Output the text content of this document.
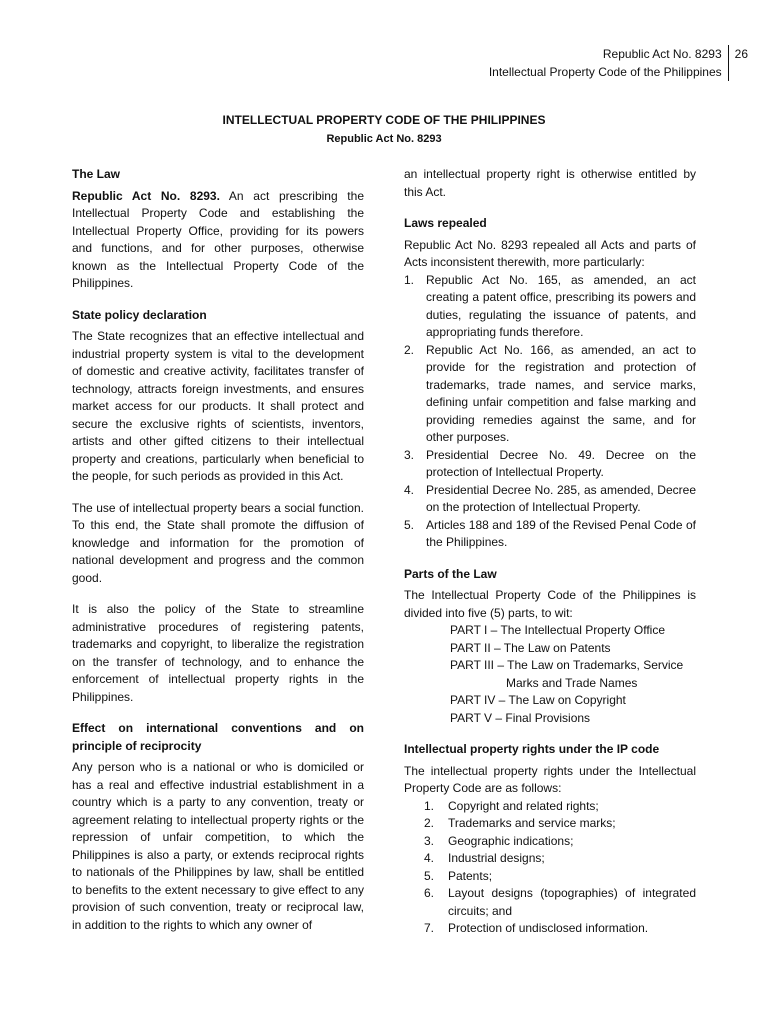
Republic Act No. 8293
Intellectual Property Code of the Philippines
26
INTELLECTUAL PROPERTY CODE OF THE PHILIPPINES
Republic Act No. 8293
The Law

Republic Act No. 8293. An act prescribing the Intellectual Property Code and establishing the Intellectual Property Office, providing for its powers and functions, and for other purposes, otherwise known as the Intellectual Property Code of the Philippines.

State policy declaration

The State recognizes that an effective intellectual and industrial property system is vital to the development of domestic and creative activity, facilitates transfer of technology, attracts foreign investments, and ensures market access for our products. It shall protect and secure the exclusive rights of scientists, inventors, artists and other gifted citizens to their intellectual property and creations, particularly when beneficial to the people, for such periods as provided in this Act.

The use of intellectual property bears a social function. To this end, the State shall promote the diffusion of knowledge and information for the promotion of national development and progress and the common good.

It is also the policy of the State to streamline administrative procedures of registering patents, trademarks and copyright, to liberalize the registration on the transfer of technology, and to enhance the enforcement of intellectual property rights in the Philippines.

Effect on international conventions and on principle of reciprocity

Any person who is a national or who is domiciled or has a real and effective industrial establishment in a country which is a party to any convention, treaty or agreement relating to intellectual property rights or the repression of unfair competition, to which the Philippines is also a party, or extends reciprocal rights to nationals of the Philippines by law, shall be entitled to benefits to the extent necessary to give effect to any provision of such convention, treaty or reciprocal law, in addition to the rights to which any owner of

an intellectual property right is otherwise entitled by this Act.

Laws repealed

Republic Act No. 8293 repealed all Acts and parts of Acts inconsistent therewith, more particularly:

1. Republic Act No. 165, as amended, an act creating a patent office, prescribing its powers and duties, regulating the issuance of patents, and appropriating funds therefore.
2. Republic Act No. 166, as amended, an act to provide for the registration and protection of trademarks, trade names, and service marks, defining unfair competition and false marking and providing remedies against the same, and for other purposes.
3. Presidential Decree No. 49. Decree on the protection of Intellectual Property.
4. Presidential Decree No. 285, as amended, Decree on the protection of Intellectual Property.
5. Articles 188 and 189 of the Revised Penal Code of the Philippines.
Parts of the Law

The Intellectual Property Code of the Philippines is divided into five (5) parts, to wit:

PART I – The Intellectual Property Office
PART II – The Law on Patents
PART III – The Law on Trademarks, Service
Marks and Trade Names
PART IV – The Law on Copyright
PART V – Final Provisions
Intellectual property rights under the IP code

The intellectual property rights under the Intellectual Property Code are as follows:

1.	Copyright and related rights;
2.	Trademarks and service marks;
3.	Geographic indications;
4.	Industrial designs;
5.	Patents;
6.	Layout designs (topographies) of integrated circuits; and
7.	Protection of undisclosed information.
